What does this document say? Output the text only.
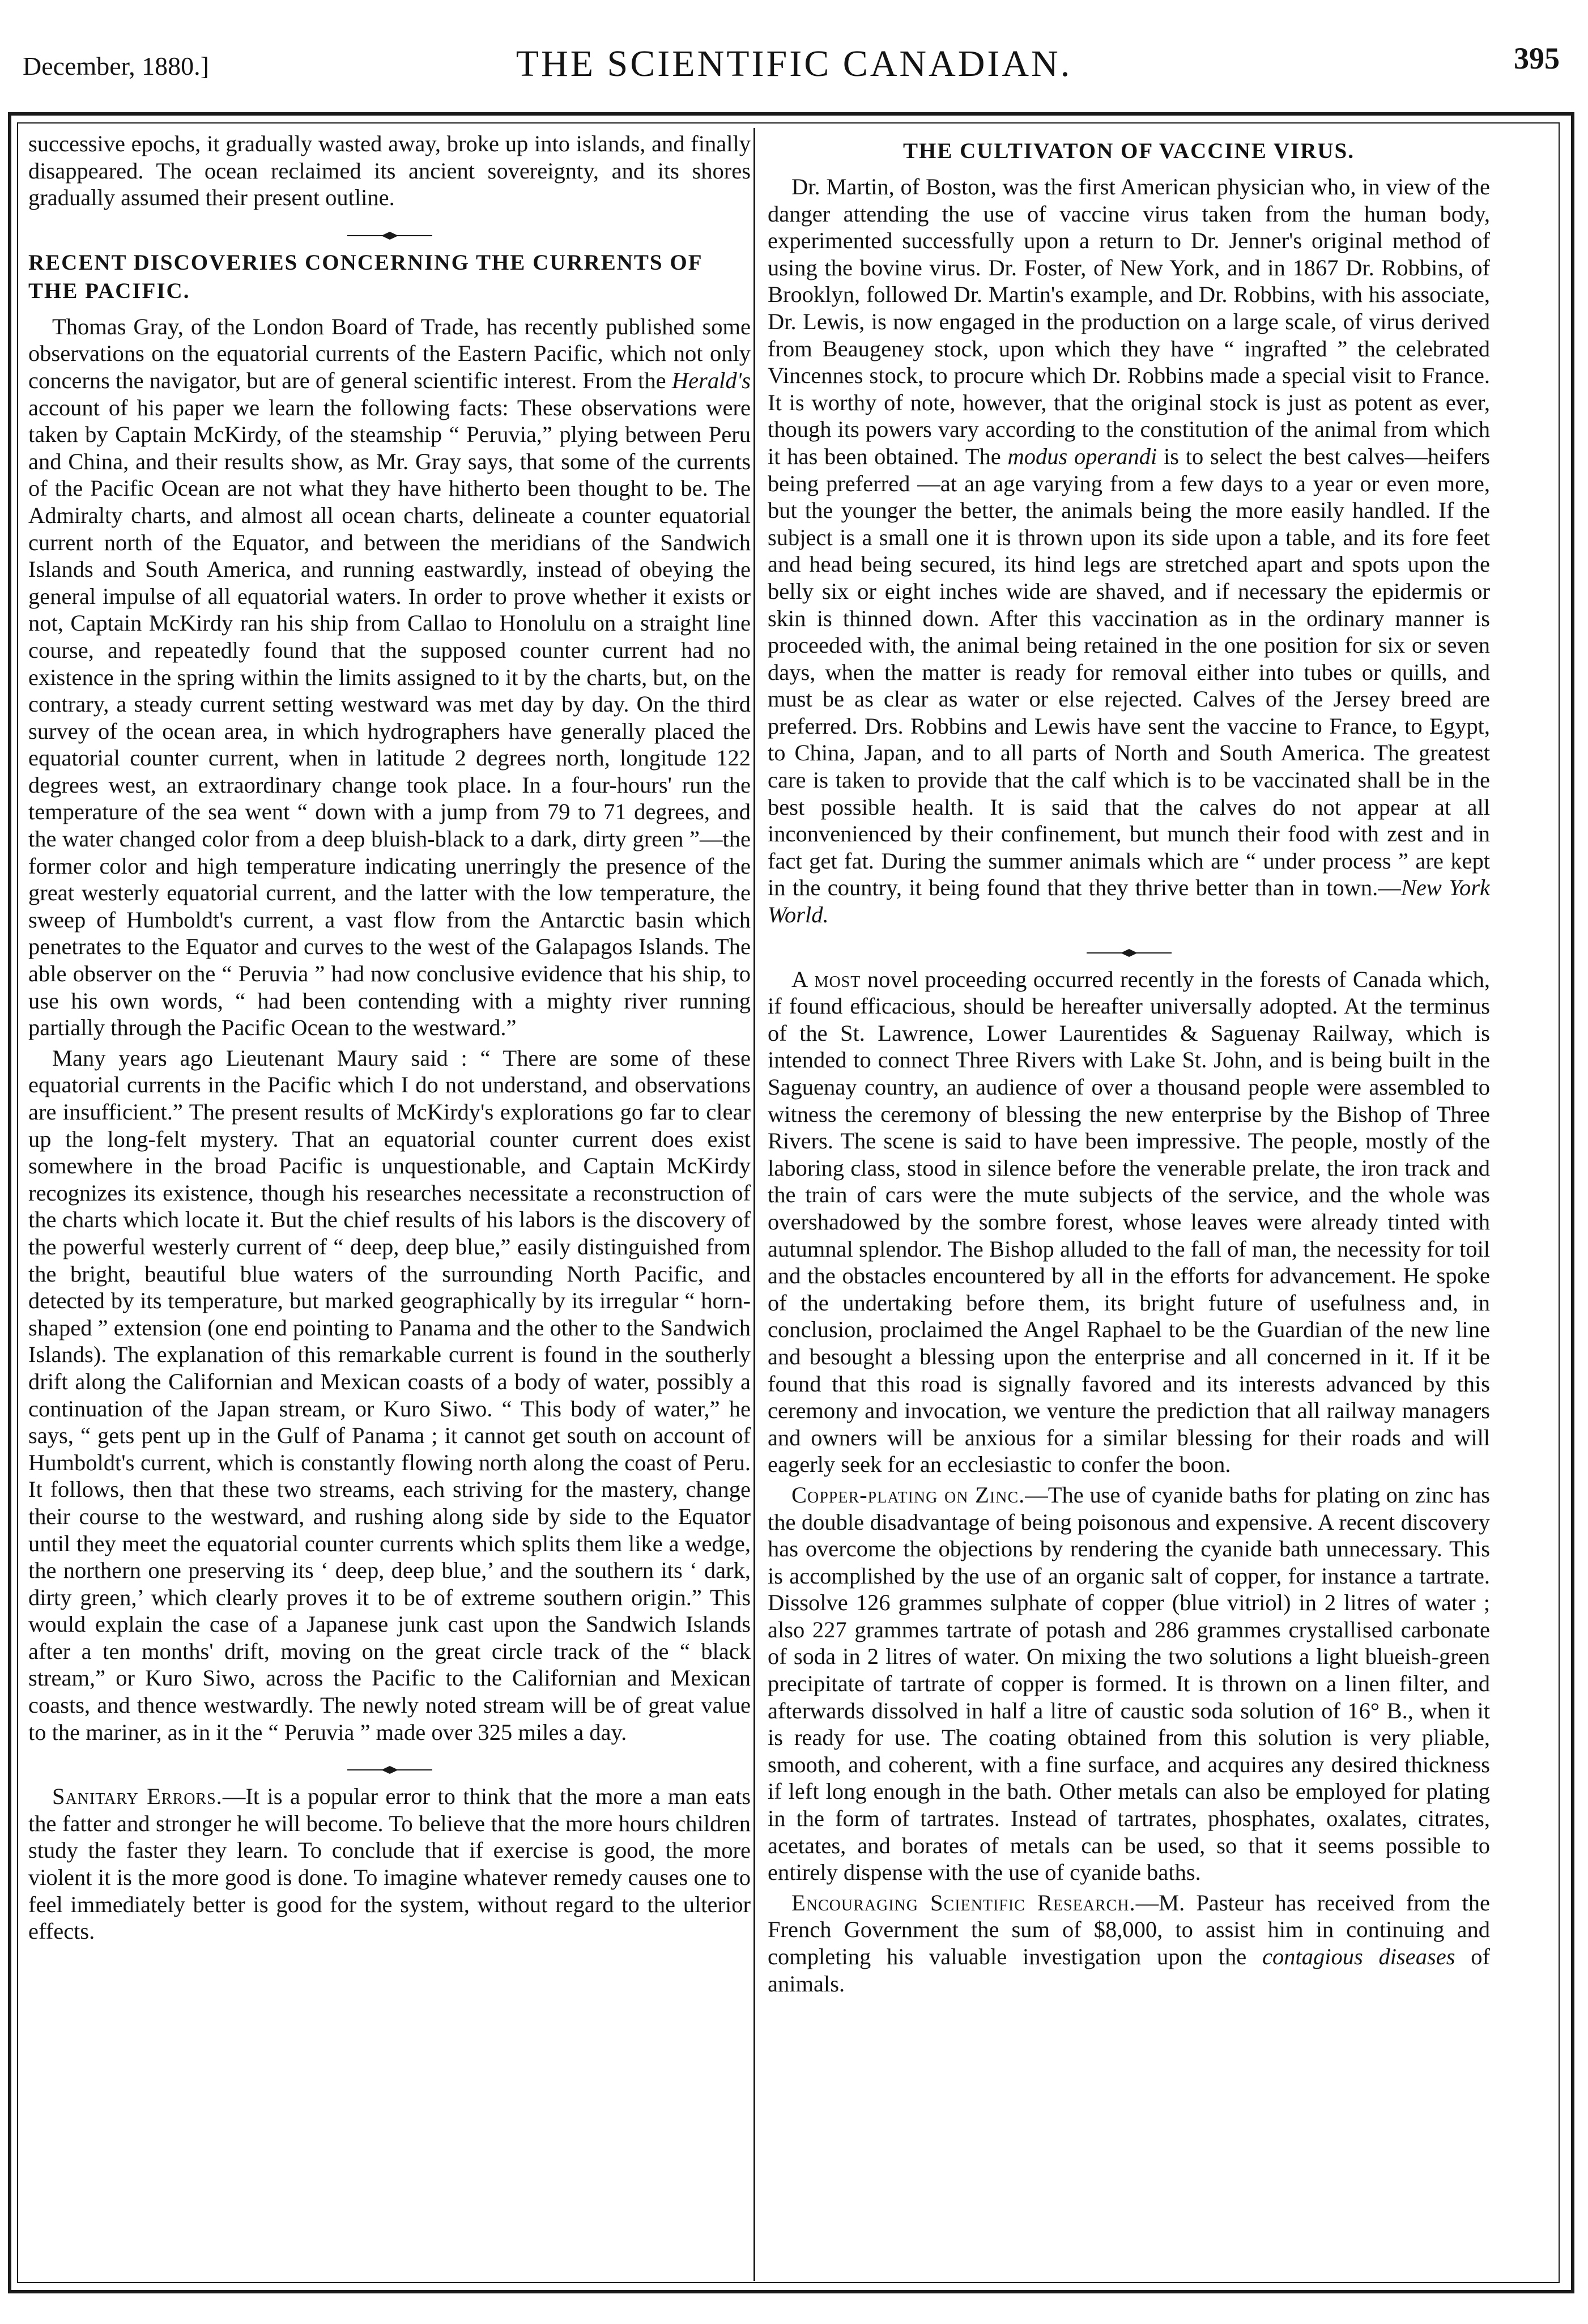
December, 1880.]	THE SCIENTIFIC CANADIAN.	395

successive epochs, it gradually wasted away, broke up into islands, and finally disappeared. The ocean reclaimed its ancient sovereignty, and its shores gradually assumed their present outline.

RECENT DISCOVERIES CONCERNING THE CURRENTS OF THE PACIFIC.

Thomas Gray, of the London Board of Trade, has recently published some observations on the equatorial currents of the Eastern Pacific, which not only concerns the navigator, but are of general scientific interest. From the Herald's account of his paper we learn the following facts: These observations were taken by Captain McKirdy, of the steamship “ Peruvia,” plying between Peru and China, and their results show, as Mr. Gray says, that some of the currents of the Pacific Ocean are not what they have hitherto been thought to be. The Admiralty charts, and almost all ocean charts, delineate a counter equatorial current north of the Equator, and between the meridians of the Sandwich Islands and South America, and running eastwardly, instead of obeying the general impulse of all equatorial waters. In order to prove whether it exists or not, Captain McKirdy ran his ship from Callao to Honolulu on a straight line course, and repeatedly found that the supposed counter current had no existence in the spring within the limits assigned to it by the charts, but, on the contrary, a steady current setting westward was met day by day. On the third survey of the ocean area, in which hydrographers have generally placed the equatorial counter current, when in latitude 2 degrees north, longitude 122 degrees west, an extraordinary change took place. In a four-hours' run the temperature of the sea went “ down with a jump from 79 to 71 degrees, and the water changed color from a deep bluish-black to a dark, dirty green ”—the former color and high temperature indicating unerringly the presence of the great westerly equatorial current, and the latter with the low temperature, the sweep of Humboldt's current, a vast flow from the Antarctic basin which penetrates to the Equator and curves to the west of the Galapagos Islands. The able observer on the “ Peruvia ” had now conclusive evidence that his ship, to use his own words, “ had been contending with a mighty river running partially through the Pacific Ocean to the westward.”

Many years ago Lieutenant Maury said : “ There are some of these equatorial currents in the Pacific which I do not understand, and observations are insufficient.” The present results of McKirdy's explorations go far to clear up the long-felt mystery. That an equatorial counter current does exist somewhere in the broad Pacific is unquestionable, and Captain McKirdy recognizes its existence, though his researches necessitate a reconstruction of the charts which locate it. But the chief results of his labors is the discovery of the powerful westerly current of “ deep, deep blue,” easily distinguished from the bright, beautiful blue waters of the surrounding North Pacific, and detected by its temperature, but marked geographically by its irregular “ horn-shaped ” extension (one end pointing to Panama and the other to the Sandwich Islands). The explanation of this remarkable current is found in the southerly drift along the Californian and Mexican coasts of a body of water, possibly a continuation of the Japan stream, or Kuro Siwo. “ This body of water,” he says, “ gets pent up in the Gulf of Panama ; it cannot get south on account of Humboldt's current, which is constantly flowing north along the coast of Peru. It follows, then that these two streams, each striving for the mastery, change their course to the westward, and rushing along side by side to the Equator until they meet the equatorial counter currents which splits them like a wedge, the northern one preserving its ‘ deep, deep blue,’ and the southern its ‘ dark, dirty green,’ which clearly proves it to be of extreme southern origin.” This would explain the case of a Japanese junk cast upon the Sandwich Islands after a ten months' drift, moving on the great circle track of the “ black stream,” or Kuro Siwo, across the Pacific to the Californian and Mexican coasts, and thence westwardly. The newly noted stream will be of great value to the mariner, as in it the “ Peruvia ” made over 325 miles a day.

Sanitary Errors.—It is a popular error to think that the more a man eats the fatter and stronger he will become. To believe that the more hours children study the faster they learn. To conclude that if exercise is good, the more violent it is the more good is done. To imagine whatever remedy causes one to feel immediately better is good for the system, without regard to the ulterior effects.

THE CULTIVATON OF VACCINE VIRUS.

Dr. Martin, of Boston, was the first American physician who, in view of the danger attending the use of vaccine virus taken from the human body, experimented successfully upon a return to Dr. Jenner's original method of using the bovine virus. Dr. Foster, of New York, and in 1867 Dr. Robbins, of Brooklyn, followed Dr. Martin's example, and Dr. Robbins, with his associate, Dr. Lewis, is now engaged in the production on a large scale, of virus derived from Beaugeney stock, upon which they have “ ingrafted ” the celebrated Vincennes stock, to procure which Dr. Robbins made a special visit to France. It is worthy of note, however, that the original stock is just as potent as ever, though its powers vary according to the constitution of the animal from which it has been obtained. The modus operandi is to select the best calves—heifers being preferred —at an age varying from a few days to a year or even more, but the younger the better, the animals being the more easily handled. If the subject is a small one it is thrown upon its side upon a table, and its fore feet and head being secured, its hind legs are stretched apart and spots upon the belly six or eight inches wide are shaved, and if necessary the epidermis or skin is thinned down. After this vaccination as in the ordinary manner is proceeded with, the animal being retained in the one position for six or seven days, when the matter is ready for removal either into tubes or quills, and must be as clear as water or else rejected. Calves of the Jersey breed are preferred. Drs. Robbins and Lewis have sent the vaccine to France, to Egypt, to China, Japan, and to all parts of North and South America. The greatest care is taken to provide that the calf which is to be vaccinated shall be in the best possible health. It is said that the calves do not appear at all inconvenienced by their confinement, but munch their food with zest and in fact get fat. During the summer animals which are “ under process ” are kept in the country, it being found that they thrive better than in town.—New York World.

A most novel proceeding occurred recently in the forests of Canada which, if found efficacious, should be hereafter universally adopted. At the terminus of the St. Lawrence, Lower Laurentides & Saguenay Railway, which is intended to connect Three Rivers with Lake St. John, and is being built in the Saguenay country, an audience of over a thousand people were assembled to witness the ceremony of blessing the new enterprise by the Bishop of Three Rivers. The scene is said to have been impressive. The people, mostly of the laboring class, stood in silence before the venerable prelate, the iron track and the train of cars were the mute subjects of the service, and the whole was overshadowed by the sombre forest, whose leaves were already tinted with autumnal splendor. The Bishop alluded to the fall of man, the necessity for toil and the obstacles encountered by all in the efforts for advancement. He spoke of the undertaking before them, its bright future of usefulness and, in conclusion, proclaimed the Angel Raphael to be the Guardian of the new line and besought a blessing upon the enterprise and all concerned in it. If it be found that this road is signally favored and its interests advanced by this ceremony and invocation, we venture the prediction that all railway managers and owners will be anxious for a similar blessing for their roads and will eagerly seek for an ecclesiastic to confer the boon.

Copper-plating on Zinc.—The use of cyanide baths for plating on zinc has the double disadvantage of being poisonous and expensive. A recent discovery has overcome the objections by rendering the cyanide bath unnecessary. This is accomplished by the use of an organic salt of copper, for instance a tartrate. Dissolve 126 grammes sulphate of copper (blue vitriol) in 2 litres of water ; also 227 grammes tartrate of potash and 286 grammes crystallised carbonate of soda in 2 litres of water. On mixing the two solutions a light blueish-green precipitate of tartrate of copper is formed. It is thrown on a linen filter, and afterwards dissolved in half a litre of caustic soda solution of 16° B., when it is ready for use. The coating obtained from this solution is very pliable, smooth, and coherent, with a fine surface, and acquires any desired thickness if left long enough in the bath. Other metals can also be employed for plating in the form of tartrates. Instead of tartrates, phosphates, oxalates, citrates, acetates, and borates of metals can be used, so that it seems possible to entirely dispense with the use of cyanide baths.

Encouraging Scientific Research.—M. Pasteur has received from the French Government the sum of $8,000, to assist him in continuing and completing his valuable investigation upon the contagious diseases of animals.
